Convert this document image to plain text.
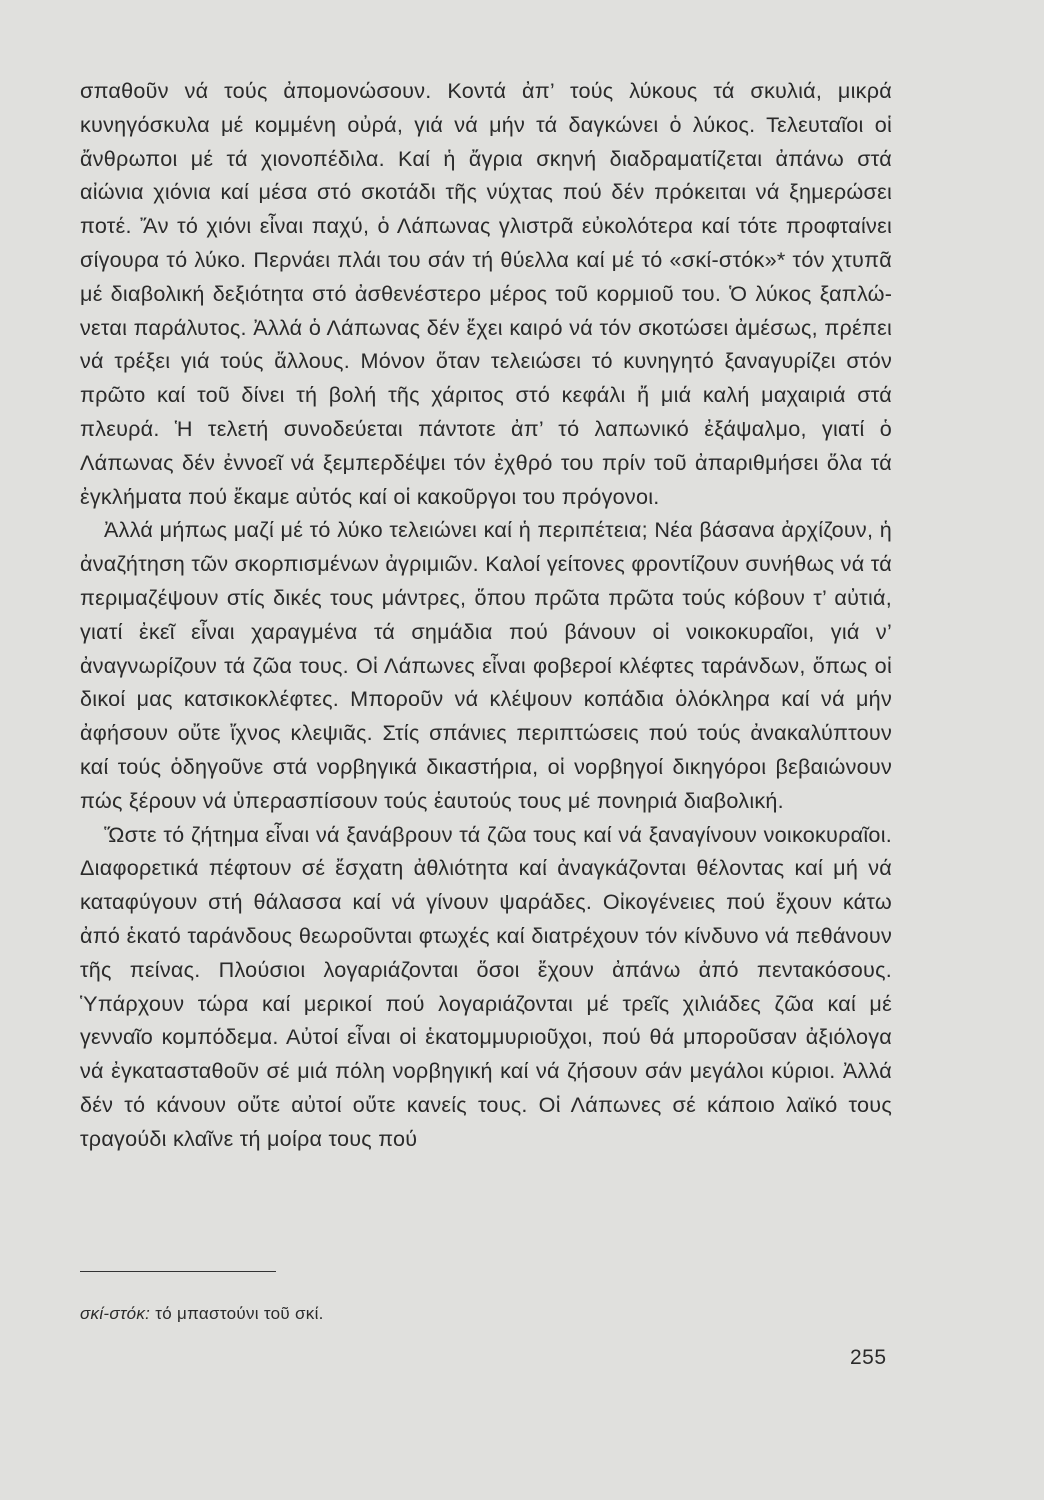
σπαθοῦν νά τούς ἀπομονώσουν. Κοντά ἀπ’ τούς λύκους τά σκυλιά, μικρά κυνηγόσκυλα μέ κομμένη οὐρά, γιά νά μήν τά δαγκώνει ὁ λύκος. Τελευταῖοι οἱ ἄνθρωποι μέ τά χιονοπέδιλα. Καί ἡ ἄγρια σκηνή διαδραματίζεται ἀπάνω στά αἰώνια χιόνια καί μέσα στό σκοτάδι τῆς νύχτας πού δέν πρόκειται νά ξημερώσει ποτέ. Ἄν τό χιόνι εἶναι παχύ, ὁ Λάπωνας γλιστρᾶ εὐκολότερα καί τότε προφταίνει σίγουρα τό λύκο. Περνάει πλάι του σάν τή θύελλα καί μέ τό «σκί-στόκ»* τόν χτυπᾶ μέ διαβολική δεξιότητα στό ἀσθενέστερο μέρος τοῦ κορμιοῦ του. Ὁ λύκος ξαπλώνεται παράλυτος. Ἀλλά ὁ Λάπωνας δέν ἔχει καιρό νά τόν σκοτώσει ἀμέσως, πρέπει νά τρέξει γιά τούς ἄλλους. Μόνον ὅταν τελειώσει τό κυνηγητό ξαναγυρίζει στόν πρῶτο καί τοῦ δίνει τή βολή τῆς χάριτος στό κεφάλι ἤ μιά καλή μαχαιριά στά πλευρά. Ἡ τελετή συνοδεύεται πάντοτε ἀπ’ τό λαπωνικό ἐξάψαλμο, γιατί ὁ Λάπωνας δέν ἐννοεῖ νά ξεμπερδέψει τόν ἐχθρό του πρίν τοῦ ἀπαριθμήσει ὅλα τά ἐγκλήματα πού ἔκαμε αὐτός καί οἱ κακοῦργοι του πρόγονοι.

Ἀλλά μήπως μαζί μέ τό λύκο τελειώνει καί ἡ περιπέτεια; Νέα βάσανα ἀρχίζουν, ἡ ἀναζήτηση τῶν σκορπισμένων ἀγριμιῶν. Καλοί γείτονες φροντίζουν συνήθως νά τά περιμαζέψουν στίς δικές τους μάντρες, ὅπου πρῶτα πρῶτα τούς κόβουν τ’ αὐτιά, γιατί ἐκεῖ εἶναι χαραγμένα τά σημάδια πού βάνουν οἱ νοικοκυραῖοι, γιά ν’ ἀναγνωρίζουν τά ζῶα τους. Οἱ Λάπωνες εἶναι φοβεροί κλέφτες ταράνδων, ὅπως οἱ δικοί μας κατσικοκλέφτες. Μποροῦν νά κλέψουν κοπάδια ὁλόκληρα καί νά μήν ἀφήσουν οὔτε ἴχνος κλεψιᾶς. Στίς σπάνιες περιπτώσεις πού τούς ἀνακαλύπτουν καί τούς ὁδηγοῦνε στά νορβηγικά δικαστήρια, οἱ νορβηγοί δικηγόροι βεβαιώνουν πώς ξέρουν νά ὑπερασπίσουν τούς ἑαυτούς τους μέ πονηριά διαβολική.

Ὥστε τό ζήτημα εἶναι νά ξανάβρουν τά ζῶα τους καί νά ξαναγίνουν νοικοκυραῖοι. Διαφορετικά πέφτουν σέ ἔσχατη ἀθλιότητα καί ἀναγκάζονται θέλοντας καί μή νά καταφύγουν στή θάλασσα καί νά γίνουν ψαράδες. Οἰκογένειες πού ἔχουν κάτω ἀπό ἑκατό ταράνδους θεωροῦνται φτωχές καί διατρέχουν τόν κίνδυνο νά πεθάνουν τῆς πείνας. Πλούσιοι λογαριάζονται ὅσοι ἔχουν ἀπάνω ἀπό πεντακόσους. Ὑπάρχουν τώρα καί μερικοί πού λογαριάζονται μέ τρεῖς χιλιάδες ζῶα καί μέ γενναῖο κομπόδεμα. Αὐτοί εἶναι οἱ ἑκατομμυριοῦχοι, πού θά μποροῦσαν ἀξιόλογα νά ἐγκατασταθοῦν σέ μιά πόλη νορβηγική καί νά ζήσουν σάν μεγάλοι κύριοι. Ἀλλά δέν τό κάνουν οὔτε αὐτοί οὔτε κανείς τους. Οἱ Λάπωνες σέ κάποιο λαϊκό τους τραγούδι κλαῖνε τή μοίρα τους πού

σκί-στόκ: τό μπαστούνι τοῦ σκί.
255
